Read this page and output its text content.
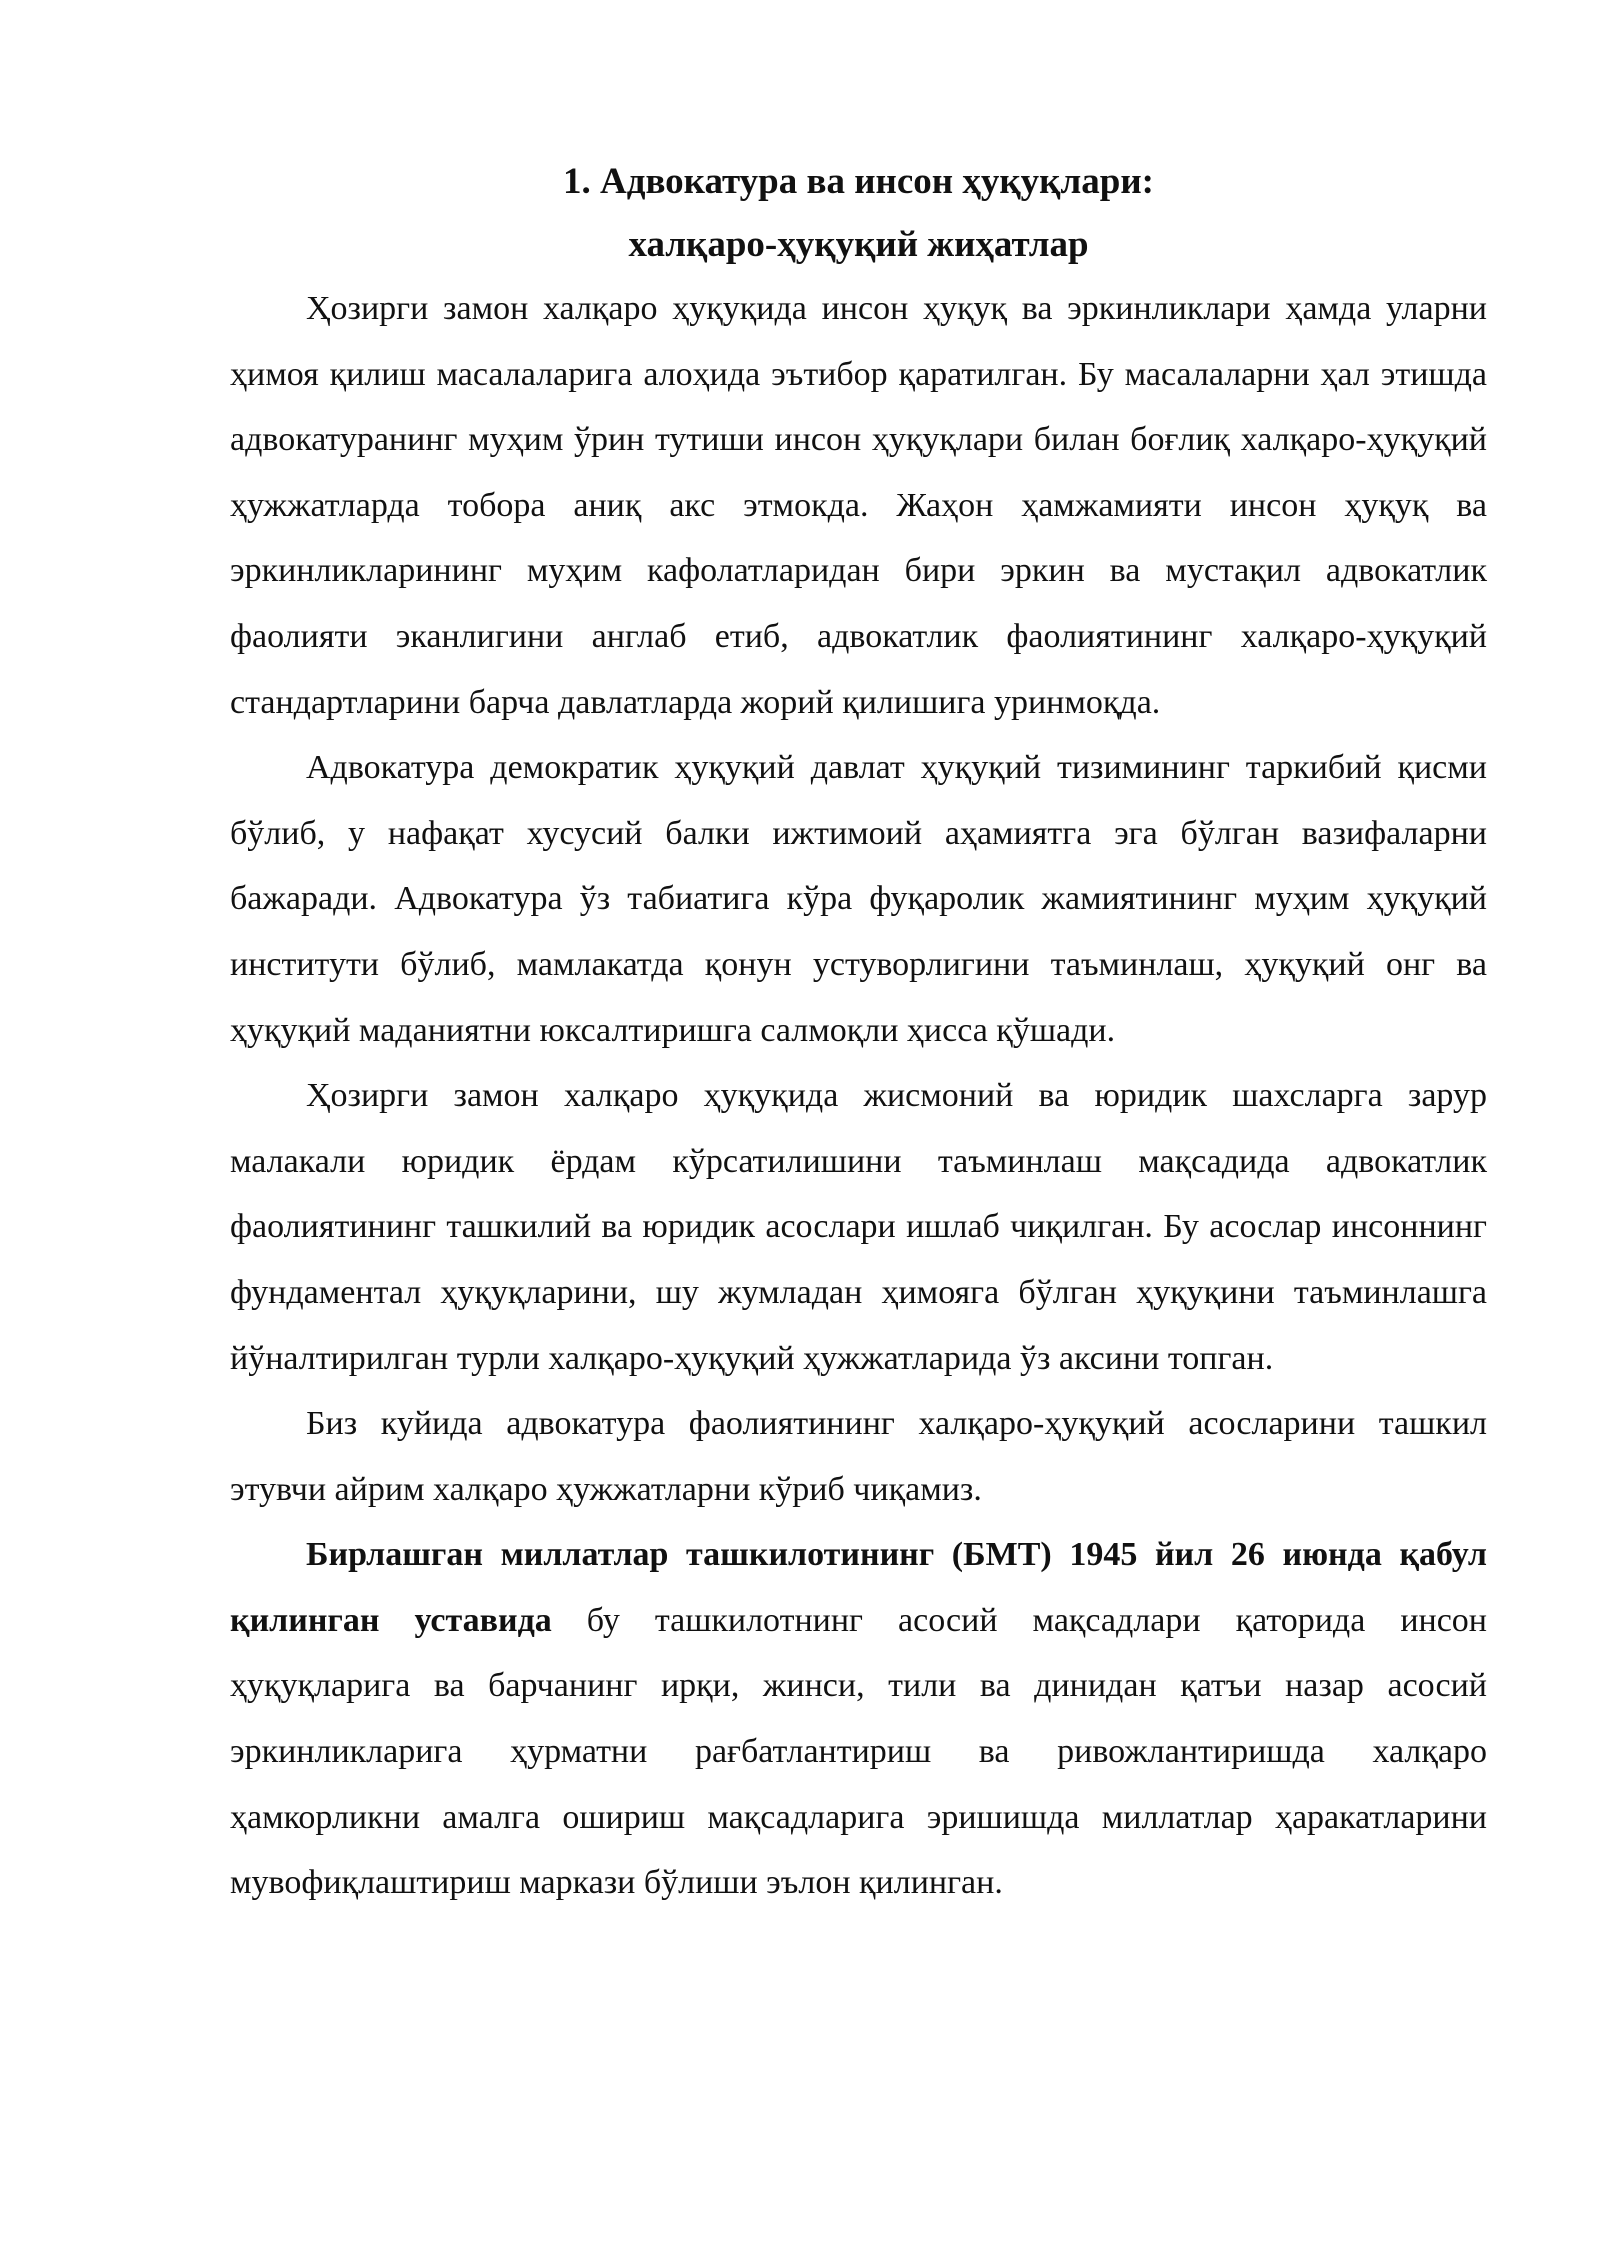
1. Адвокатура ва инсон ҳуқуқлари:
халқаро-ҳуқуқий жиҳатлар

Ҳозирги замон халқаро ҳуқуқида инсон ҳуқуқ ва эркинликлари ҳамда уларни ҳимоя қилиш масалаларига алоҳида эътибор қаратилган. Бу масалаларни ҳал этишда адвокатуранинг муҳим ўрин тутиши инсон ҳуқуқлари билан боғлиқ халқаро-ҳуқуқий ҳужжатларда тобора аниқ акс этмокда. Жаҳон ҳамжамияти инсон ҳуқуқ ва эркинликларининг муҳим кафолатларидан бири эркин ва мустақил адвокатлик фаолияти эканлигини англаб етиб, адвокатлик фаолиятининг халқаро-ҳуқуқий стандартларини барча давлатларда жорий қилишига уринмоқда.

Адвокатура демократик ҳуқуқий давлат ҳуқуқий тизимининг таркибий қисми бўлиб, у нафақат хусусий балки ижтимоий аҳамиятга эга бўлган вазифаларни бажаради. Адвокатура ўз табиатига кўра фуқаролик жамиятининг муҳим ҳуқуқий институти бўлиб, мамлакатда қонун устуворлигини таъминлаш, ҳуқуқий онг ва ҳуқуқий маданиятни юксалтиришга салмоқли ҳисса қўшади.

Ҳозирги замон халқаро ҳуқуқида жисмоний ва юридик шахсларга зарур малакали юридик ёрдам кўрсатилишини таъминлаш мақсадида адвокатлик фаолиятининг ташкилий ва юридик асослари ишлаб чиқилган. Бу асослар инсоннинг фундаментал ҳуқуқларини, шу жумладан ҳимояга бўлган ҳуқуқини таъминлашга йўналтирилган турли халқаро-ҳуқуқий ҳужжатларида ўз аксини топган.

Биз куйида адвокатура фаолиятининг халқаро-ҳуқуқий асосларини ташкил этувчи айрим халқаро ҳужжатларни кўриб чиқамиз.

Бирлашган миллатлар ташкилотининг (БМТ) 1945 йил 26 июнда қабул қилинган уставида бу ташкилотнинг асосий мақсадлари қаторида инсон ҳуқуқларига ва барчанинг ирқи, жинси, тили ва динидан қатъи назар асосий эркинликларига ҳурматни рағбатлантириш ва ривожлантиришда халқаро ҳамкорликни амалга ошириш мақсадларига эришишда миллатлар ҳаракатларини мувофиқлаштириш маркази бўлиши эълон қилинган.
